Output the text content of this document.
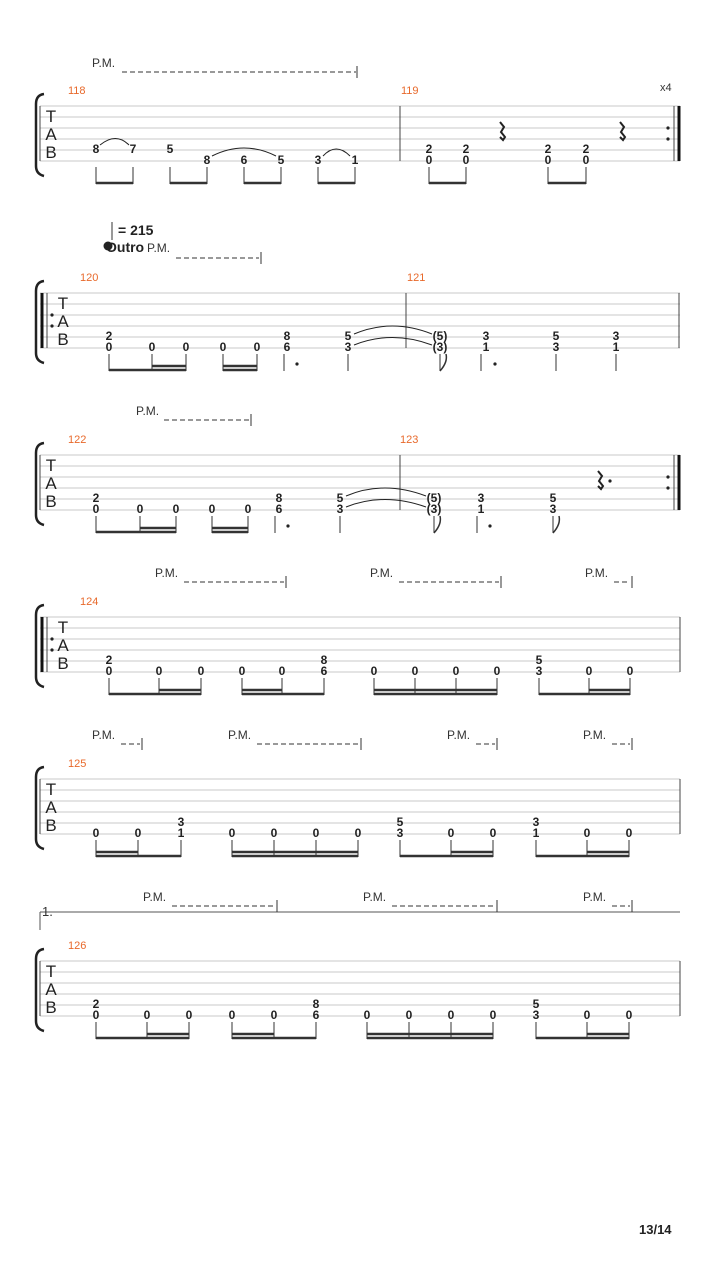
P.M.
118	119	x4
T
A
B	8	7	5
8	6	5	3	1
2
0
2
0
2
0
2
0
= 215
Outro P.M.
120	121
T
A
B	2
0	0 0	0 0
8
6
5
3
(5)
(3)
3
1
5
3
3
1
P.M.
122	123
T
A
B	2
0	0 0 0 0
8
6
5
3
(5)
(3)
3
1
5
3
P.M.	P.M.	P.M.
124
T
A
B	2
0	0	0	0	0
8
6	0	0	0	0
5
3	0	0
P.M.	P.M.	P.M.	P.M.
125
T
A
B	0	0
3
1	0	0	0	0
5
3	0	0
3
1	0	0
1.
P.M.	P.M.	P.M.
126
T
A
B	2
0	0	0	0	0
8
6	0	0	0	0
5
3	0	0
13/14
